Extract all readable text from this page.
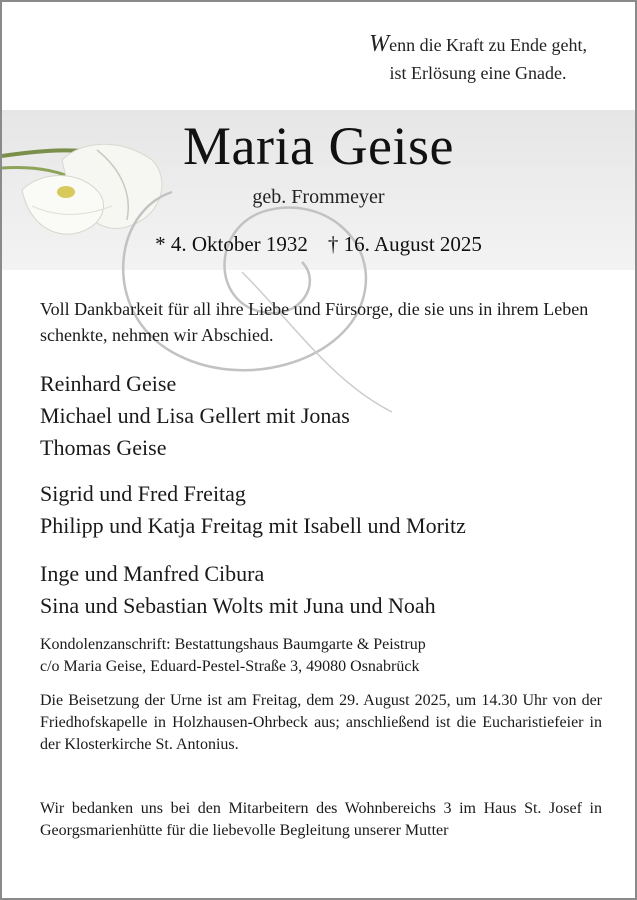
Wenn die Kraft zu Ende geht,
ist Erlösung eine Gnade.
Maria Geise
geb. Frommeyer
* 4. Oktober 1932 † 16. August 2025
Voll Dankbarkeit für all ihre Liebe und Fürsorge, die sie uns in ihrem Leben schenkte, nehmen wir Abschied.
Reinhard Geise
Michael und Lisa Gellert mit Jonas
Thomas Geise
Sigrid und Fred Freitag
Philipp und Katja Freitag mit Isabell und Moritz
Inge und Manfred Cibura
Sina und Sebastian Wolts mit Juna und Noah
Kondolenzanschrift: Bestattungshaus Baumgarte & Peistrup
c/o Maria Geise, Eduard-Pestel-Straße 3, 49080 Osnabrück
Die Beisetzung der Urne ist am Freitag, dem 29. August 2025, um 14.30 Uhr von der Friedhofskapelle in Holzhausen-Ohrbeck aus; anschließend ist die Eucharistiefeier in der Klosterkirche St. Antonius.
Wir bedanken uns bei den Mitarbeitern des Wohnbereichs 3 im Haus St. Josef in Georgsmarienhütte für die liebevolle Begleitung unserer Mutter
